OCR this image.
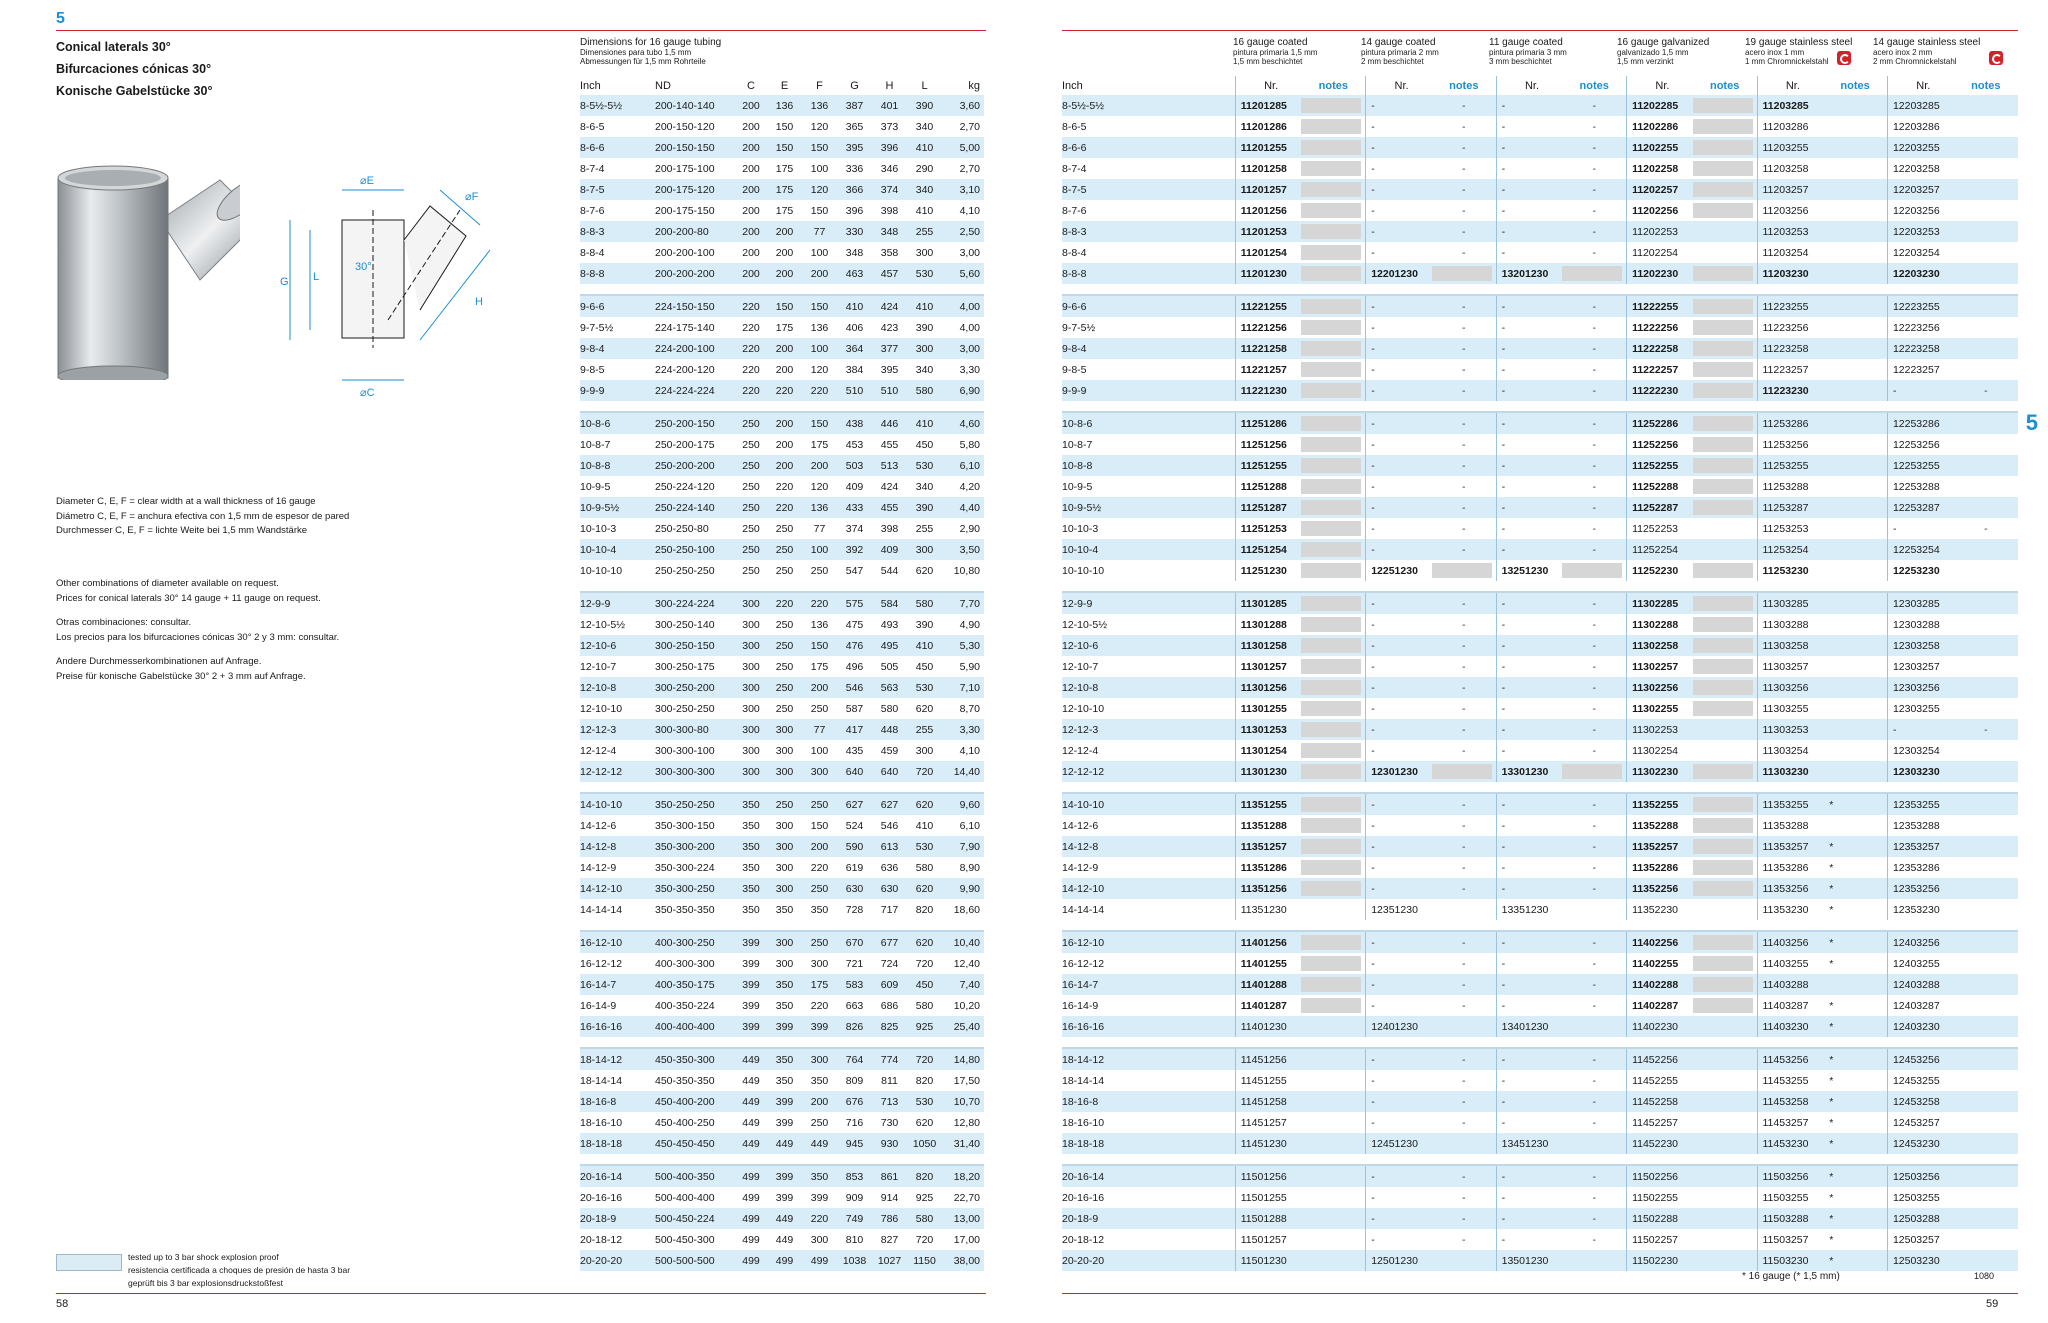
5
Conical laterals 30°
Bifurcaciones cónicas 30°
Konische Gabelstücke 30°
⌀E
⌀C
⌀F
G L
H
30°
Diameter C, E, F = clear width at a wall thickness of 16 gauge
Diámetro C, E, F = anchura efectiva con 1,5 mm de espesor de pared
Durchmesser C, E, F = lichte Weite bei 1,5 mm Wandstärke

Other combinations of diameter available on request.
Prices for conical laterals 30° 14 gauge + 11 gauge on request.

Otras combinaciones: consultar.
Los precios para los bifurcaciones cónicas 30° 2 y 3 mm: consultar.

Andere Durchmesserkombinationen auf Anfrage.
Preise für konische Gabelstücke 30° 2 + 3 mm auf Anfrage.

Dimensions for 16 gauge tubing
Dimensiones para tubo 1,5 mm
Abmessungen für 1,5 mm Rohrteile
Inch	ND	C	E	F	G	H	L	kg
8-5½-5½	200-140-140	200	136	136	387	401	390	3,60
8-6-5	200-150-120	200	150	120	365	373	340	2,70
8-6-6	200-150-150	200	150	150	395	396	410	5,00
8-7-4	200-175-100	200	175	100	336	346	290	2,70
8-7-5	200-175-120	200	175	120	366	374	340	3,10
8-7-6	200-175-150	200	175	150	396	398	410	4,10
8-8-3	200-200-80	200	200	77	330	348	255	2,50
8-8-4	200-200-100	200	200	100	348	358	300	3,00
8-8-8	200-200-200	200	200	200	463	457	530	5,60

9-6-6	224-150-150	220	150	150	410	424	410	4,00
9-7-5½	224-175-140	220	175	136	406	423	390	4,00
9-8-4	224-200-100	220	200	100	364	377	300	3,00
9-8-5	224-200-120	220	200	120	384	395	340	3,30
9-9-9	224-224-224	220	220	220	510	510	580	6,90

10-8-6	250-200-150	250	200	150	438	446	410	4,60
10-8-7	250-200-175	250	200	175	453	455	450	5,80
10-8-8	250-200-200	250	200	200	503	513	530	6,10
10-9-5	250-224-120	250	220	120	409	424	340	4,20
10-9-5½	250-224-140	250	220	136	433	455	390	4,40
10-10-3	250-250-80	250	250	77	374	398	255	2,90
10-10-4	250-250-100	250	250	100	392	409	300	3,50
10-10-10	250-250-250	250	250	250	547	544	620	10,80

12-9-9	300-224-224	300	220	220	575	584	580	7,70
12-10-5½	300-250-140	300	250	136	475	493	390	4,90
12-10-6	300-250-150	300	250	150	476	495	410	5,30
12-10-7	300-250-175	300	250	175	496	505	450	5,90
12-10-8	300-250-200	300	250	200	546	563	530	7,10
12-10-10	300-250-250	300	250	250	587	580	620	8,70
12-12-3	300-300-80	300	300	77	417	448	255	3,30
12-12-4	300-300-100	300	300	100	435	459	300	4,10
12-12-12	300-300-300	300	300	300	640	640	720	14,40

14-10-10	350-250-250	350	250	250	627	627	620	9,60
14-12-6	350-300-150	350	300	150	524	546	410	6,10
14-12-8	350-300-200	350	300	200	590	613	530	7,90
14-12-9	350-300-224	350	300	220	619	636	580	8,90
14-12-10	350-300-250	350	300	250	630	630	620	9,90
14-14-14	350-350-350	350	350	350	728	717	820	18,60

16-12-10	400-300-250	399	300	250	670	677	620	10,40
16-12-12	400-300-300	399	300	300	721	724	720	12,40
16-14-7	400-350-175	399	350	175	583	609	450	7,40
16-14-9	400-350-224	399	350	220	663	686	580	10,20
16-16-16	400-400-400	399	399	399	826	825	925	25,40

18-14-12	450-350-300	449	350	300	764	774	720	14,80
18-14-14	450-350-350	449	350	350	809	811	820	17,50
18-16-8	450-400-200	449	399	200	676	713	530	10,70
18-16-10	450-400-250	449	399	250	716	730	620	12,80
18-18-18	450-450-450	449	449	449	945	930	1050	31,40

20-16-14	500-400-350	499	399	350	853	861	820	18,20
20-16-16	500-400-400	499	399	399	909	914	925	22,70
20-18-9	500-450-224	499	449	220	749	786	580	13,00
20-18-12	500-450-300	499	449	300	810	827	720	17,00
20-20-20	500-500-500	499	499	499	1038	1027	1150	38,00
tested up to 3 bar shock explosion proof
resistencia certificada a choques de presión de hasta 3 bar
geprüft bis 3 bar explosionsdruckstoßfest
58
16 gauge coated
pintura primaria 1,5 mm
1,5 mm beschichtet
14 gauge coated
pintura primaria 2 mm
2 mm beschichtet
11 gauge coated
pintura primaria 3 mm
3 mm beschichtet
16 gauge galvanized
galvanizado 1,5 mm
1,5 mm verzinkt
19 gauge stainless steel
acero inox 1 mm
1 mm Chromnickelstahl
14 gauge stainless steel
acero inox 2 mm
2 mm Chromnickelstahl
Inch	Nr.	notes	Nr.	notes	Nr.	notes	Nr.	notes	Nr.	notes	Nr.	notes
8-5½-5½	11201285		-	-	-	-	11202285		11203285		12203285	
8-6-5	11201286		-	-	-	-	11202286		11203286		12203286	
8-6-6	11201255		-	-	-	-	11202255		11203255		12203255	
8-7-4	11201258		-	-	-	-	11202258		11203258		12203258	
8-7-5	11201257		-	-	-	-	11202257		11203257		12203257	
8-7-6	11201256		-	-	-	-	11202256		11203256		12203256	
8-8-3	11201253		-	-	-	-	11202253		11203253		12203253	
8-8-4	11201254		-	-	-	-	11202254		11203254		12203254	
8-8-8	11201230		12201230		13201230		11202230		11203230		12203230	

9-6-6	11221255		-	-	-	-	11222255		11223255		12223255	
9-7-5½	11221256		-	-	-	-	11222256		11223256		12223256	
9-8-4	11221258		-	-	-	-	11222258		11223258		12223258	
9-8-5	11221257		-	-	-	-	11222257		11223257		12223257	
9-9-9	11221230		-	-	-	-	11222230		11223230		-	-

10-8-6	11251286		-	-	-	-	11252286		11253286		12253286	
10-8-7	11251256		-	-	-	-	11252256		11253256		12253256	
10-8-8	11251255		-	-	-	-	11252255		11253255		12253255	
10-9-5	11251288		-	-	-	-	11252288		11253288		12253288	
10-9-5½	11251287		-	-	-	-	11252287		11253287		12253287	
10-10-3	11251253		-	-	-	-	11252253		11253253		-	-
10-10-4	11251254		-	-	-	-	11252254		11253254		12253254	
10-10-10	11251230		12251230		13251230		11252230		11253230		12253230	

12-9-9	11301285		-	-	-	-	11302285		11303285		12303285	
12-10-5½	11301288		-	-	-	-	11302288		11303288		12303288	
12-10-6	11301258		-	-	-	-	11302258		11303258		12303258	
12-10-7	11301257		-	-	-	-	11302257		11303257		12303257	
12-10-8	11301256		-	-	-	-	11302256		11303256		12303256	
12-10-10	11301255		-	-	-	-	11302255		11303255		12303255	
12-12-3	11301253		-	-	-	-	11302253		11303253		-	-
12-12-4	11301254		-	-	-	-	11302254		11303254		12303254	
12-12-12	11301230		12301230		13301230		11302230		11303230		12303230	

14-10-10	11351255		-	-	-	-	11352255		11353255	*	12353255	
14-12-6	11351288		-	-	-	-	11352288		11353288		12353288	
14-12-8	11351257		-	-	-	-	11352257		11353257	*	12353257	
14-12-9	11351286		-	-	-	-	11352286		11353286	*	12353286	
14-12-10	11351256		-	-	-	-	11352256		11353256	*	12353256	
14-14-14	11351230		12351230		13351230		11352230		11353230	*	12353230	

16-12-10	11401256		-	-	-	-	11402256		11403256	*	12403256	
16-12-12	11401255		-	-	-	-	11402255		11403255	*	12403255	
16-14-7	11401288		-	-	-	-	11402288		11403288		12403288	
16-14-9	11401287		-	-	-	-	11402287		11403287	*	12403287	
16-16-16	11401230		12401230		13401230		11402230		11403230	*	12403230	

18-14-12	11451256		-	-	-	-	11452256		11453256	*	12453256	
18-14-14	11451255		-	-	-	-	11452255		11453255	*	12453255	
18-16-8	11451258		-	-	-	-	11452258		11453258	*	12453258	
18-16-10	11451257		-	-	-	-	11452257		11453257	*	12453257	
18-18-18	11451230		12451230		13451230		11452230		11453230	*	12453230	

20-16-14	11501256		-	-	-	-	11502256		11503256	*	12503256	
20-16-16	11501255		-	-	-	-	11502255		11503255	*	12503255	
20-18-9	11501288		-	-	-	-	11502288		11503288	*	12503288	
20-18-12	11501257		-	-	-	-	11502257		11503257	*	12503257	
20-20-20	11501230		12501230		13501230		11502230		11503230	*	12503230	
5
* 16 gauge (* 1,5 mm)	1080
59
